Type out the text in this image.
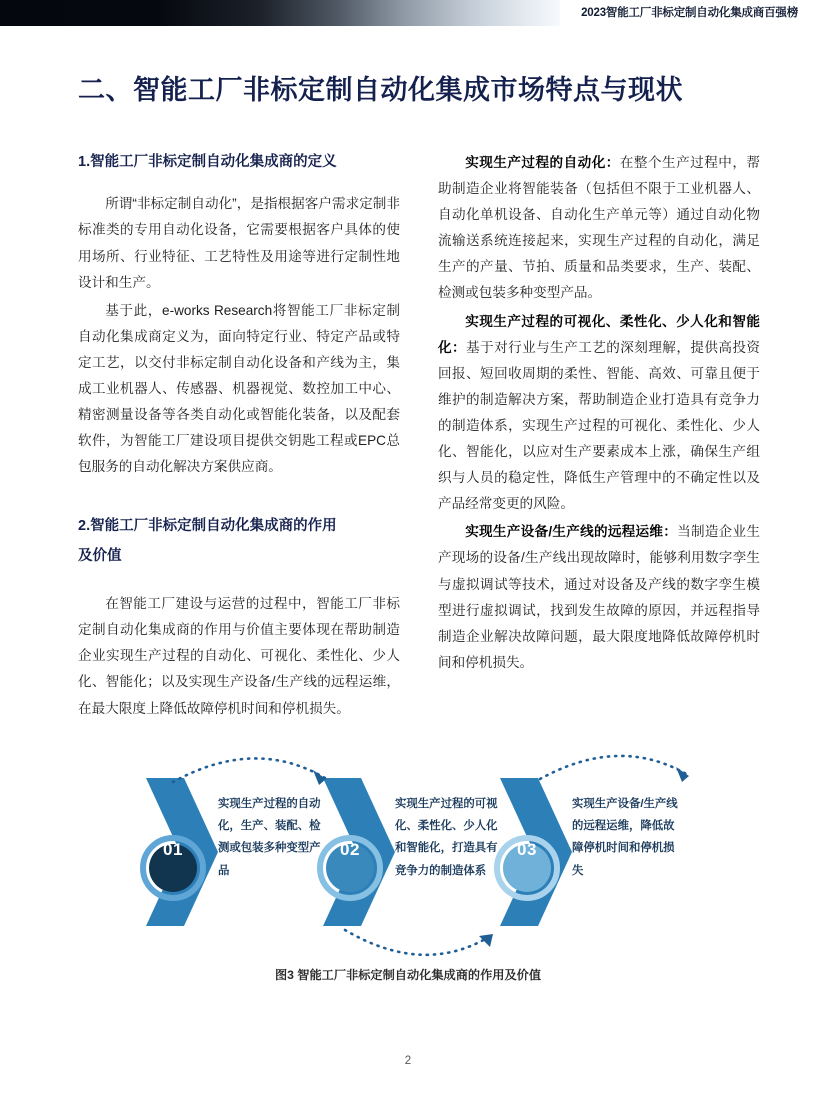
2023智能工厂非标定制自动化集成商百强榜
二、智能工厂非标定制自动化集成市场特点与现状
1.智能工厂非标定制自动化集成商的定义

所谓“非标定制自动化”，是指根据客户需求定制非标准类的专用自动化设备，它需要根据客户具体的使用场所、行业特征、工艺特性及用途等进行定制性地设计和生产。

基于此，e-works Research将智能工厂非标定制自动化集成商定义为，面向特定行业、特定产品或特定工艺，以交付非标定制自动化设备和产线为主，集成工业机器人、传感器、机器视觉、数控加工中心、精密测量设备等各类自动化或智能化装备，以及配套软件，为智能工厂建设项目提供交钥匙工程或EPC总包服务的自动化解决方案供应商。

2.智能工厂非标定制自动化集成商的作用
及价值

在智能工厂建设与运营的过程中，智能工厂非标定制自动化集成商的作用与价值主要体现在帮助制造企业实现生产过程的自动化、可视化、柔性化、少人化、智能化；以及实现生产设备/生产线的远程运维，在最大限度上降低故障停机时间和停机损失。

实现生产过程的自动化：在整个生产过程中，帮助制造企业将智能装备（包括但不限于工业机器人、自动化单机设备、自动化生产单元等）通过自动化物流输送系统连接起来，实现生产过程的自动化，满足生产的产量、节拍、质量和品类要求，生产、装配、检测或包装多种变型产品。

实现生产过程的可视化、柔性化、少人化和智能化：基于对行业与生产工艺的深刻理解，提供高投资回报、短回收周期的柔性、智能、高效、可靠且便于维护的制造解决方案，帮助制造企业打造具有竞争力的制造体系，实现生产过程的可视化、柔性化、少人化、智能化，以应对生产要素成本上涨，确保生产组织与人员的稳定性，降低生产管理中的不确定性以及产品经常变更的风险。

实现生产设备/生产线的远程运维：当制造企业生产现场的设备/生产线出现故障时，能够利用数字孪生与虚拟调试等技术，通过对设备及产线的数字孪生模型进行虚拟调试，找到发生故障的原因，并远程指导制造企业解决故障问题，最大限度地降低故障停机时间和停机损失。

01	02	03
实现生产过程的自动化，生产、装配、检测或包装多种变型产品
实现生产过程的可视化、柔性化、少人化和智能化，打造具有竞争力的制造体系
实现生产设备/生产线的远程运维，降低故障停机时间和停机损失
图3 智能工厂非标定制自动化集成商的作用及价值
2
